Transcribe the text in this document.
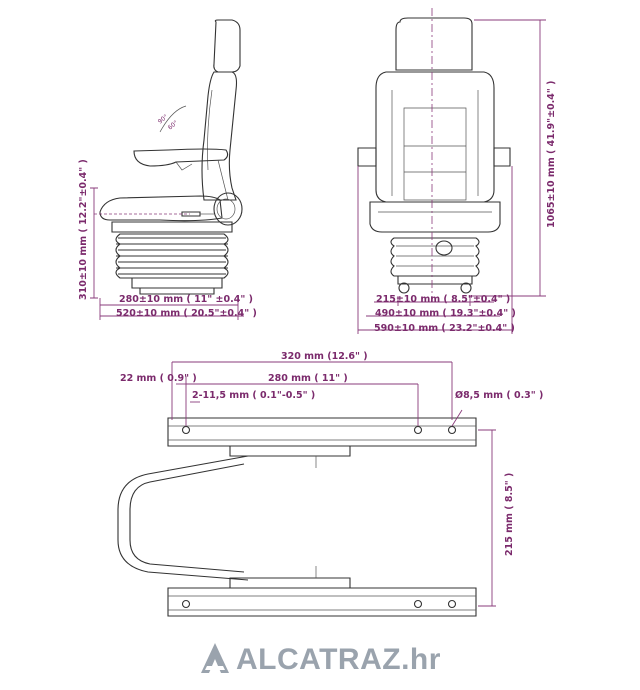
90°
60°
310±10 mm ( 12.2"±0.4" )	280±10 mm ( 11" ±0.4" )
520±10 mm ( 20.5"±0.4" )
1065±10 mm ( 41.9"±0.4" )
215±10 mm ( 8.5"±0.4" )
490±10 mm ( 19.3"±0.4" )
590±10 mm ( 23.2"±0.4" )
320 mm (12.6" )
22 mm ( 0.9" )	280 mm ( 11" )
2-11,5 mm ( 0.1"-0.5" )	Ø8,5 mm ( 0.3" )
215 mm ( 8.5" )
ALCATRAZ.hr
